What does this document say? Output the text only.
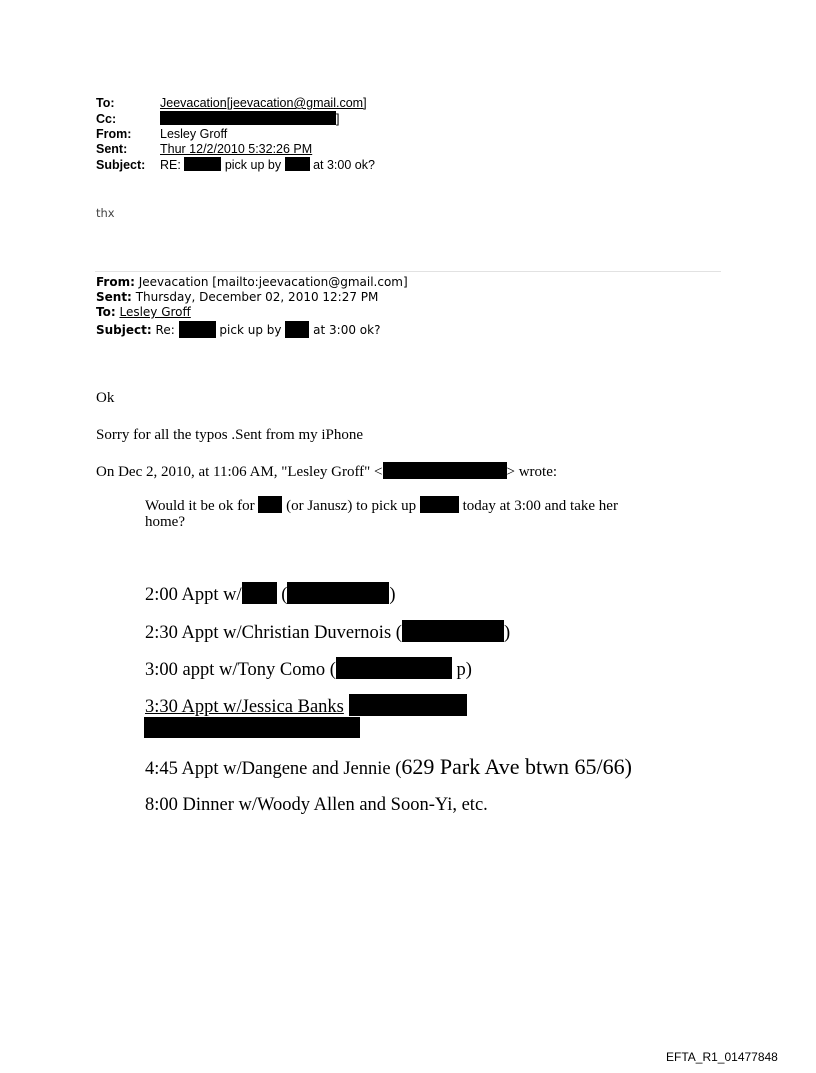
To:	Jeevacation[jeevacation@gmail.com]
Cc:	]
From: Lesley Groff
Sent:	Thur 12/2/2010 5:32:26 PM
Subject: RE:	pick up by	at 3:00 ok?
thx
From: Jeevacation [mailto:jeevacation@gmail.com]
Sent: Thursday, December 02, 2010 12:27 PM
To: Lesley Groff
Subject: Re:	pick up by	at 3:00 ok?
Ok
Sorry for all the typos .Sent from my iPhone
On Dec 2, 2010, at 11:06 AM, "Lesley Groff" <	> wrote:
Would it be ok for (or Janusz) to pick up	today at 3:00 and take her
home?
2:00 Appt w/ (	)
2:30 Appt w/Christian Duvernois (	)
3:00 appt w/Tony Como (	p)
3:30 Appt w/Jessica Banks
4:45 Appt w/Dangene and Jennie (629 Park Ave btwn 65/66)
8:00 Dinner w/Woody Allen and Soon-Yi, etc.
EFTA_R1_01477848
